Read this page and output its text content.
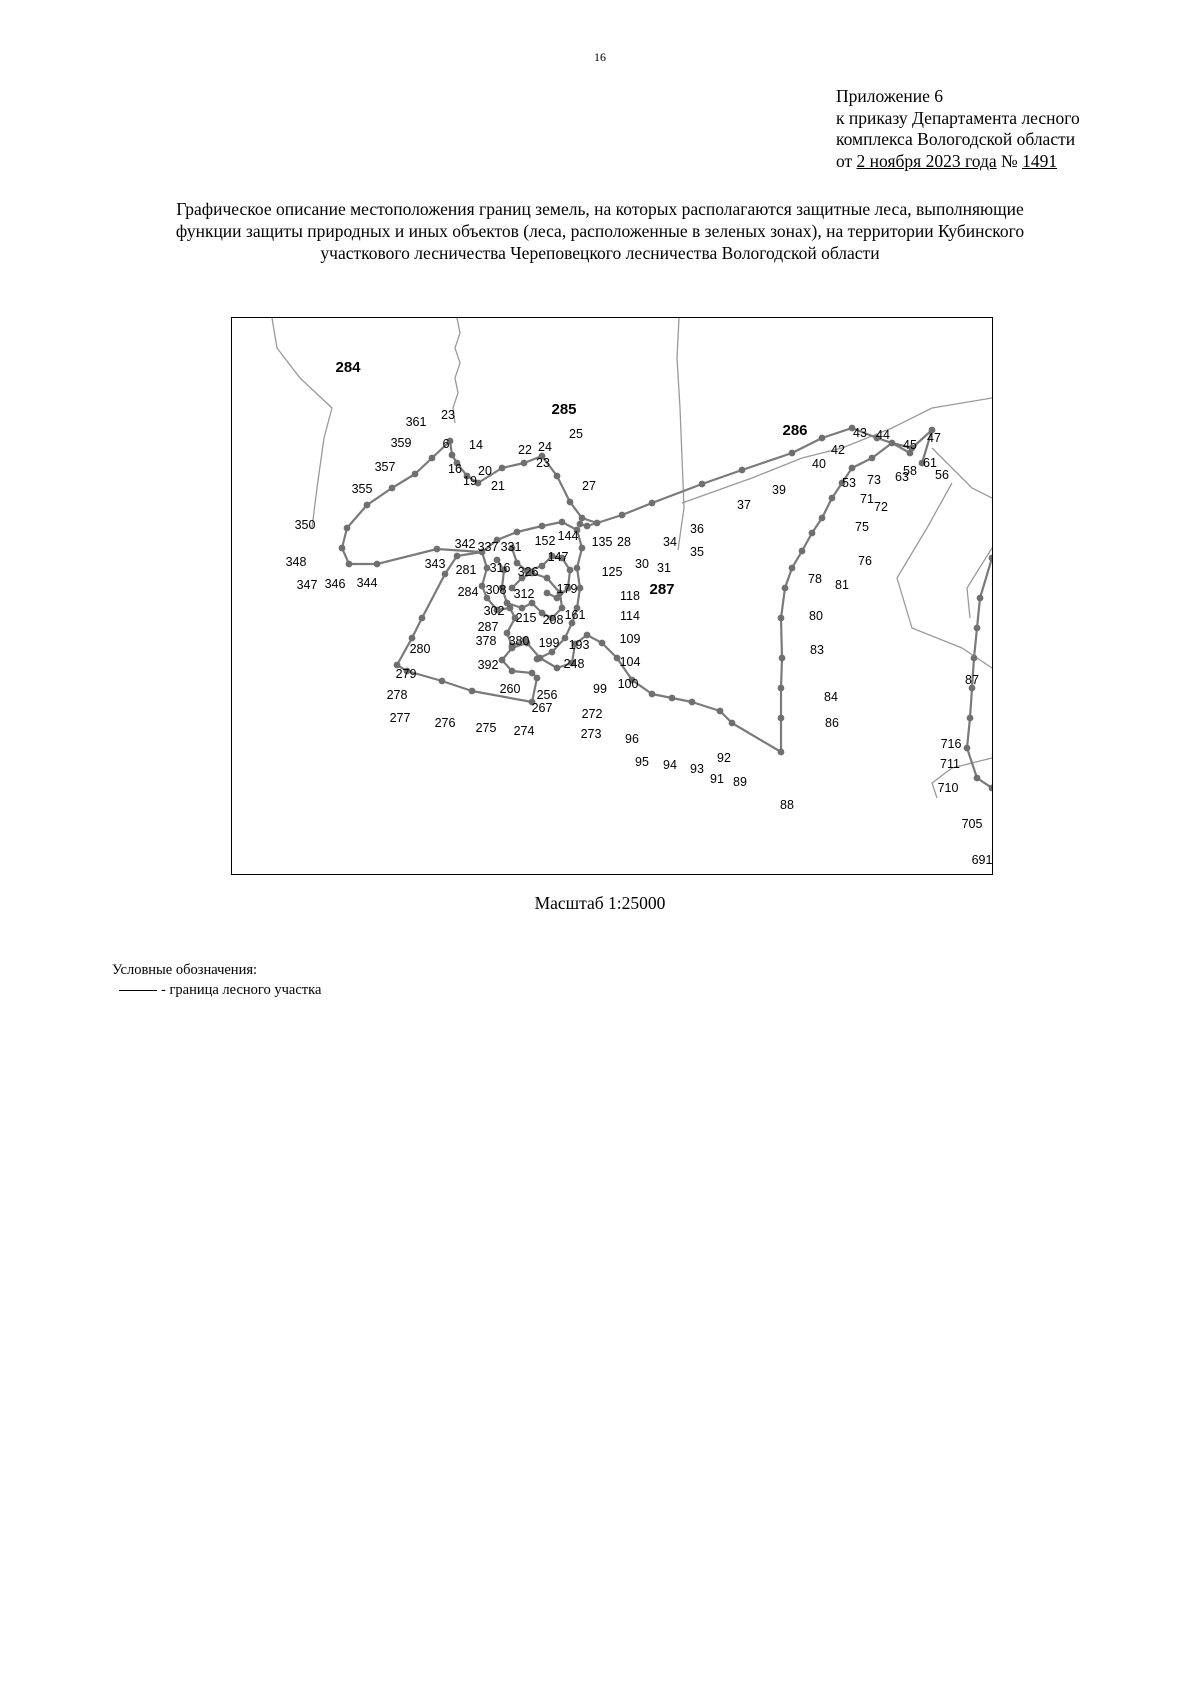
16
Приложение 6
к приказу Департамента лесного
комплекса Вологодской области
от 2 ноября 2023 года № 1491
Графическое описание местоположения границ земель, на которых располагаются защитные леса, выполняющие
функции защиты природных и иных объектов (леса, расположенные в зеленых зонах), на территории Кубинского
участкового лесничества Череповецкого лесничества Вологодской области
23
361
6 14
359
16 20
19 21
22 24
23
25
357
355	27
350
342 337 331 152 144 135 28	34
36
35
30 31
348	343
347 346 344
281 316 326
147
125
308 312 179
284
302
287
215 208 161
118
114
378 380 199 193 109
280
392	248	104
279
260 256
100
99
278
267 272
277 276 275 274	273 96
95 94 93
92
91 89
88
37
39
40
42
43 44
45 47
61
58
63 56
53 73
72
71
75
76
78 81
80
83
84
86
87
716
711
710
705
691
284
285
286
287
Масштаб 1:25000
Условные обозначения:
- граница лесного участка
